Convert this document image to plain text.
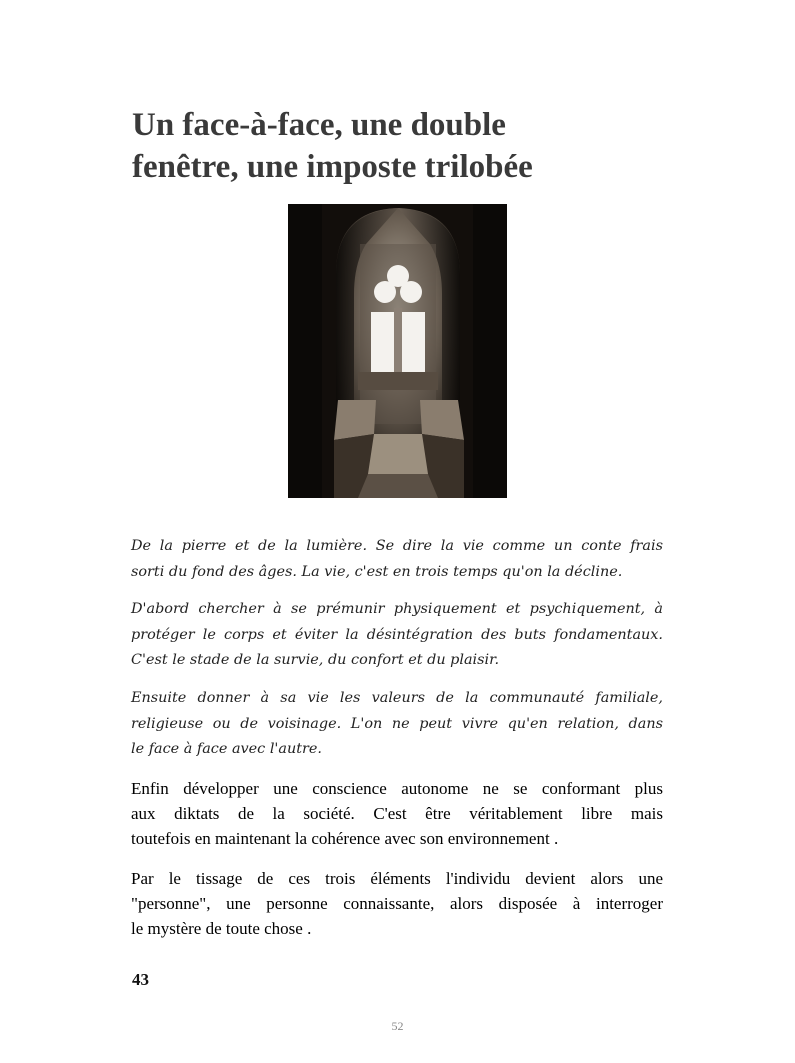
Un face-à-face, une double
fenêtre, une imposte trilobée

De la pierre et de la lumière. Se dire la vie comme un conte frais
sorti du fond des âges. La vie, c'est en trois temps qu'on la décline.

D'abord chercher à se prémunir physiquement et psychiquement, à
protéger le corps et éviter la désintégration des buts fondamentaux.
C'est le stade de la survie, du confort et du plaisir.

Ensuite donner à sa vie les valeurs de la communauté familiale,
religieuse ou de voisinage. L'on ne peut vivre qu'en relation, dans
le face à face avec l'autre.

Enfin développer une conscience autonome ne se conformant plus
aux diktats de la société. C'est être véritablement libre mais
toutefois en maintenant la cohérence avec son environnement .

Par le tissage de ces trois éléments l'individu devient alors une
"personne", une personne connaissante, alors disposée à interroger
le mystère de toute chose .

43
52
